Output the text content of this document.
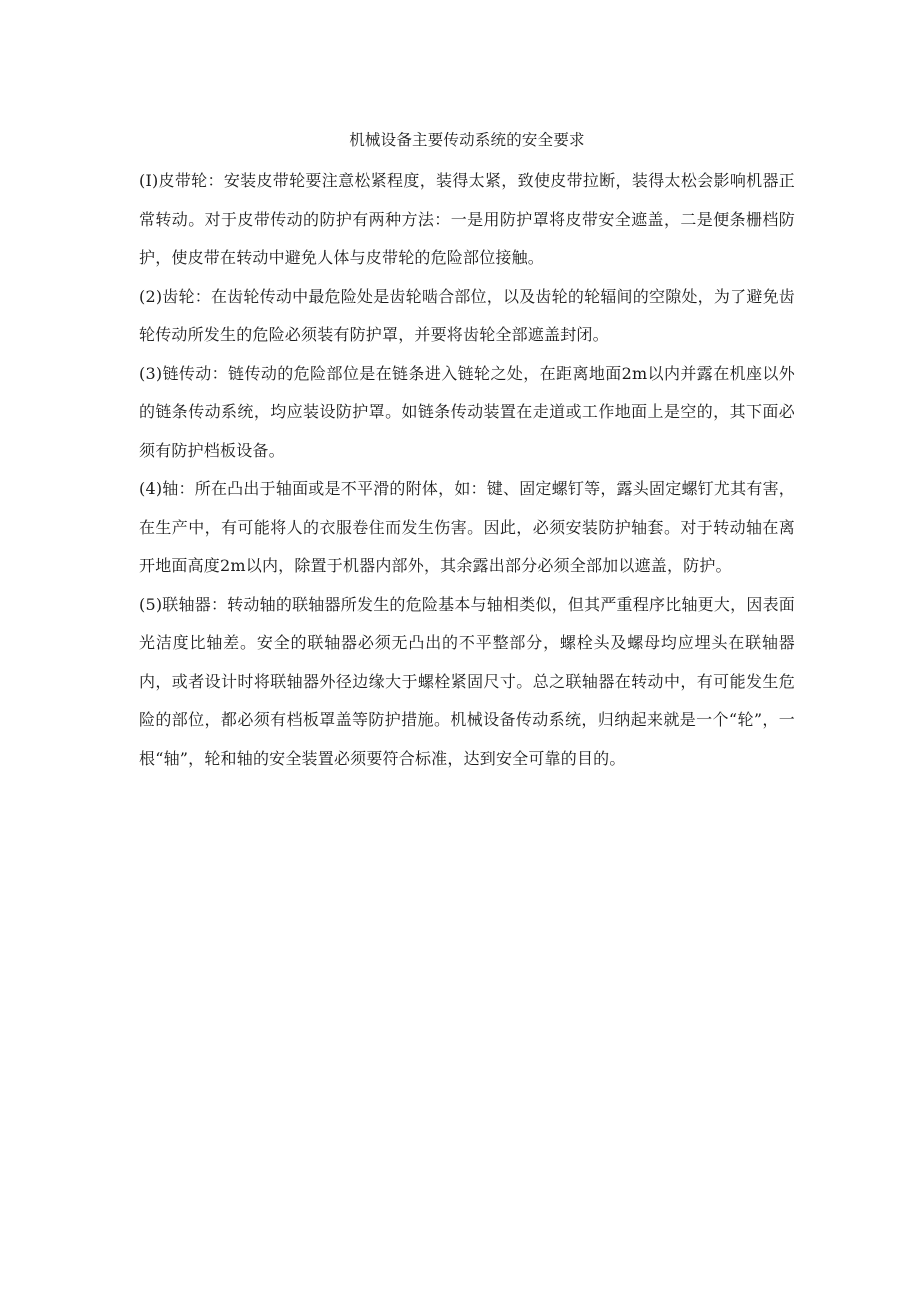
机械设备主要传动系统的安全要求

(I)皮带轮：安装皮带轮要注意松紧程度，装得太紧，致使皮带拉断，装得太松会影响机器正常转动。对于皮带传动的防护有两种方法：一是用防护罩将皮带安全遮盖，二是便条栅档防护，使皮带在转动中避免人体与皮带轮的危险部位接触。

(2)齿轮：在齿轮传动中最危险处是齿轮啮合部位，以及齿轮的轮辐间的空隙处，为了避免齿轮传动所发生的危险必须装有防护罩，并要将齿轮全部遮盖封闭。

(3)链传动：链传动的危险部位是在链条进入链轮之处，在距离地面2m以内并露在机座以外的链条传动系统，均应装设防护罩。如链条传动装置在走道或工作地面上是空的，其下面必须有防护档板设备。

(4)轴：所在凸出于轴面或是不平滑的附体，如：键、固定螺钉等，露头固定螺钉尤其有害，在生产中，有可能将人的衣服卷住而发生伤害。因此，必须安装防护轴套。对于转动轴在离开地面高度2m以内，除置于机器内部外，其余露出部分必须全部加以遮盖，防护。

(5)联轴器：转动轴的联轴器所发生的危险基本与轴相类似，但其严重程序比轴更大，因表面光洁度比轴差。安全的联轴器必须无凸出的不平整部分，螺栓头及螺母均应埋头在联轴器内，或者设计时将联轴器外径边缘大于螺栓紧固尺寸。总之联轴器在转动中，有可能发生危险的部位，都必须有档板罩盖等防护措施。机械设备传动系统，归纳起来就是一个“轮”，一根“轴”，轮和轴的安全装置必须要符合标准，达到安全可靠的目的。
